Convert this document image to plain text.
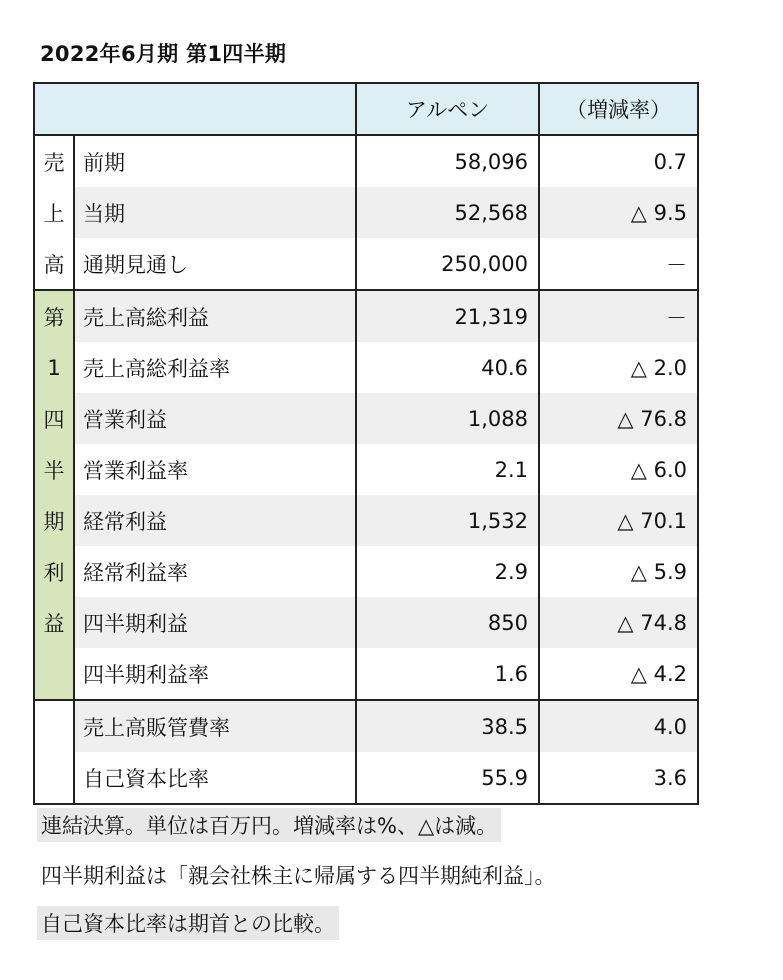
2022年6月期 第1四半期
		アルペン	（増減率）
売	前期	58,096	0.7
上	当期	52,568	△ 9.5
高	通期見通し	250,000	－
第	売上高総利益	21,319	－
1	売上高総利益率	40.6	△ 2.0
四	営業利益	1,088	△ 76.8
半	営業利益率	2.1	△ 6.0
期	経常利益	1,532	△ 70.1
利	経常利益率	2.9	△ 5.9
益	四半期利益	850	△ 74.8
	四半期利益率	1.6	△ 4.2
	売上高販管費率	38.5	4.0
	自己資本比率	55.9	3.6
連結決算。単位は百万円。増減率は%、△は減。
四半期利益は「親会社株主に帰属する四半期純利益」。
自己資本比率は期首との比較。
